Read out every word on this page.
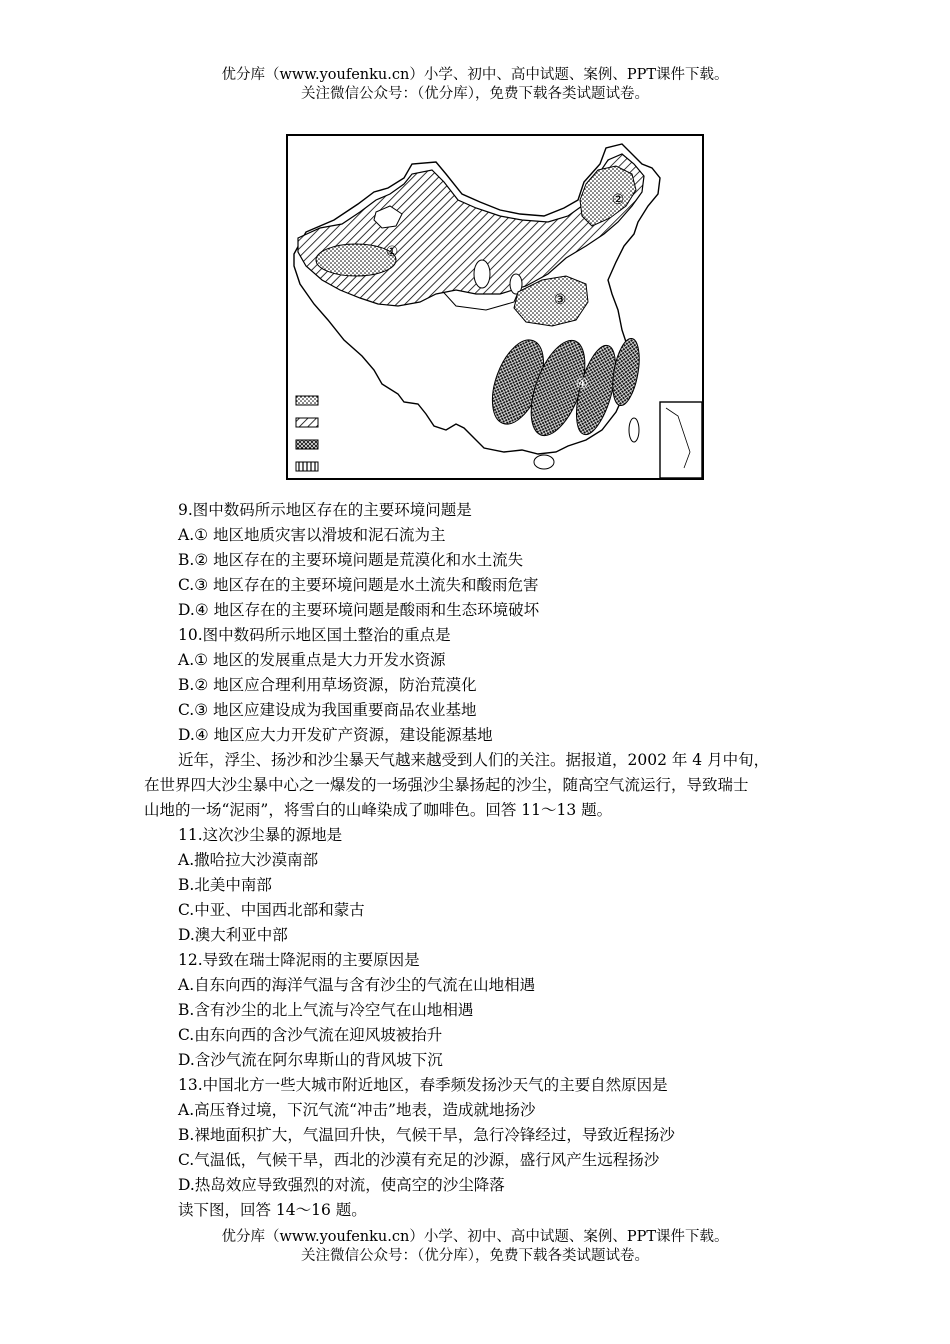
优分库（www.youfenku.cn）小学、初中、高中试题、案例、PPT课件下载。
关注微信公众号：（优分库），免费下载各类试题试卷。
①
②
③
④
9.图中数码所示地区存在的主要环境问题是
A.① 地区地质灾害以滑坡和泥石流为主
B.② 地区存在的主要环境问题是荒漠化和水土流失
C.③ 地区存在的主要环境问题是水土流失和酸雨危害
D.④ 地区存在的主要环境问题是酸雨和生态环境破坏
10.图中数码所示地区国土整治的重点是
A.① 地区的发展重点是大力开发水资源
B.② 地区应合理利用草场资源，防治荒漠化
C.③ 地区应建设成为我国重要商品农业基地
D.④ 地区应大力开发矿产资源，建设能源基地
近年，浮尘、扬沙和沙尘暴天气越来越受到人们的关注。据报道，2002 年 4 月中旬，
在世界四大沙尘暴中心之一爆发的一场强沙尘暴扬起的沙尘，随高空气流运行，导致瑞士
山地的一场“泥雨”，将雪白的山峰染成了咖啡色。回答 11～13 题。
11.这次沙尘暴的源地是
A.撒哈拉大沙漠南部
B.北美中南部
C.中亚、中国西北部和蒙古
D.澳大利亚中部
12.导致在瑞士降泥雨的主要原因是
A.自东向西的海洋气温与含有沙尘的气流在山地相遇
B.含有沙尘的北上气流与冷空气在山地相遇
C.由东向西的含沙气流在迎风坡被抬升
D.含沙气流在阿尔卑斯山的背风坡下沉
13.中国北方一些大城市附近地区，春季频发扬沙天气的主要自然原因是
A.高压脊过境，下沉气流“冲击”地表，造成就地扬沙
B.裸地面积扩大，气温回升快，气候干旱，急行冷锋经过，导致近程扬沙
C.气温低，气候干旱，西北的沙漠有充足的沙源，盛行风产生远程扬沙
D.热岛效应导致强烈的对流，使高空的沙尘降落
读下图，回答 14～16 题。
优分库（www.youfenku.cn）小学、初中、高中试题、案例、PPT课件下载。
关注微信公众号：（优分库），免费下载各类试题试卷。
